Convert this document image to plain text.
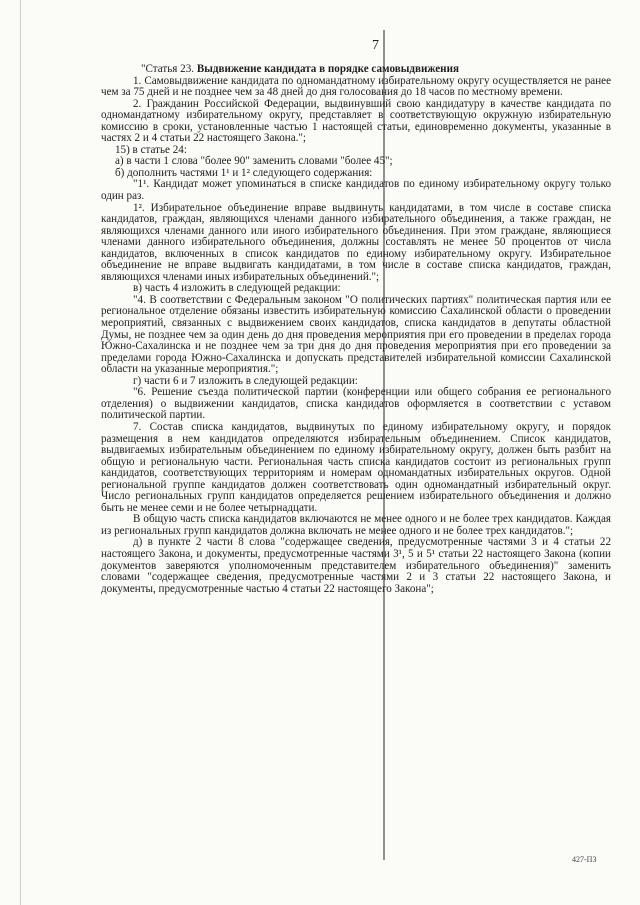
7

"Статья 23. Выдвижение кандидата в порядке самовыдвижения

1. Самовыдвижение кандидата по одномандатному избирательному округу осуществляется не ранее чем за 75 дней и не позднее чем за 48 дней до дня голосования до 18 часов по местному времени.

2. Гражданин Российской Федерации, выдвинувший свою кандидатуру в качестве кандидата по одномандатному избирательному округу, представляет в соответствующую окружную избирательную комиссию в сроки, установленные частью 1 настоящей статьи, единовременно документы, указанные в частях 2 и 4 статьи 22 настоящего Закона.";

15) в статье 24:

а) в части 1 слова "более 90" заменить словами "более 45";

б) дополнить частями 1¹ и 1² следующего содержания:

"1¹. Кандидат может упоминаться в списке кандидатов по единому избирательному округу только один раз.

1². Избирательное объединение вправе выдвинуть кандидатами, в том числе в составе списка кандидатов, граждан, являющихся членами данного избирательного объединения, а также граждан, не являющихся членами данного или иного избирательного объединения. При этом граждане, являющиеся членами данного избирательного объединения, должны составлять не менее 50 процентов от числа кандидатов, включенных в список кандидатов по единому избирательному округу. Избирательное объединение не вправе выдвигать кандидатами, в том числе в составе списка кандидатов, граждан, являющихся членами иных избирательных объединений.";

в) часть 4 изложить в следующей редакции:

"4. В соответствии с Федеральным законом "О политических партиях" политическая партия или ее региональное отделение обязаны известить избирательную комиссию Сахалинской области о проведении мероприятий, связанных с выдвижением своих кандидатов, списка кандидатов в депутаты областной Думы, не позднее чем за один день до дня проведения мероприятия при его проведении в пределах города Южно-Сахалинска и не позднее чем за три дня до дня проведения мероприятия при его проведении за пределами города Южно-Сахалинска и допускать представителей избирательной комиссии Сахалинской области на указанные мероприятия.";

г) части 6 и 7 изложить в следующей редакции:

"6. Решение съезда политической партии (конференции или общего собрания ее регионального отделения) о выдвижении кандидатов, списка кандидатов оформляется в соответствии с уставом политической партии.

7. Состав списка кандидатов, выдвинутых по единому избирательному округу, и порядок размещения в нем кандидатов определяются избирательным объединением. Список кандидатов, выдвигаемых избирательным объединением по единому избирательному округу, должен быть разбит на общую и региональную части. Региональная часть списка кандидатов состоит из региональных групп кандидатов, соответствующих территориям и номерам одномандатных избирательных округов. Одной региональной группе кандидатов должен соответствовать один одномандатный избирательный округ. Число региональных групп кандидатов определяется решением избирательного объединения и должно быть не менее семи и не более четырнадцати.

В общую часть списка кандидатов включаются не менее одного и не более трех кандидатов. Каждая из региональных групп кандидатов должна включать не менее одного и не более трех кандидатов.";

д) в пункте 2 части 8 слова "содержащее сведения, предусмотренные частями 3 и 4 статьи 22 настоящего Закона, и документы, предусмотренные частями 3¹, 5 и 5¹ статьи 22 настоящего Закона (копии документов заверяются уполномоченным представителем избирательного объединения)" заменить словами "содержащее сведения, предусмотренные частями 2 и 3 статьи 22 настоящего Закона, и документы, предусмотренные частью 4 статьи 22 настоящего Закона";

427-ПЗ
